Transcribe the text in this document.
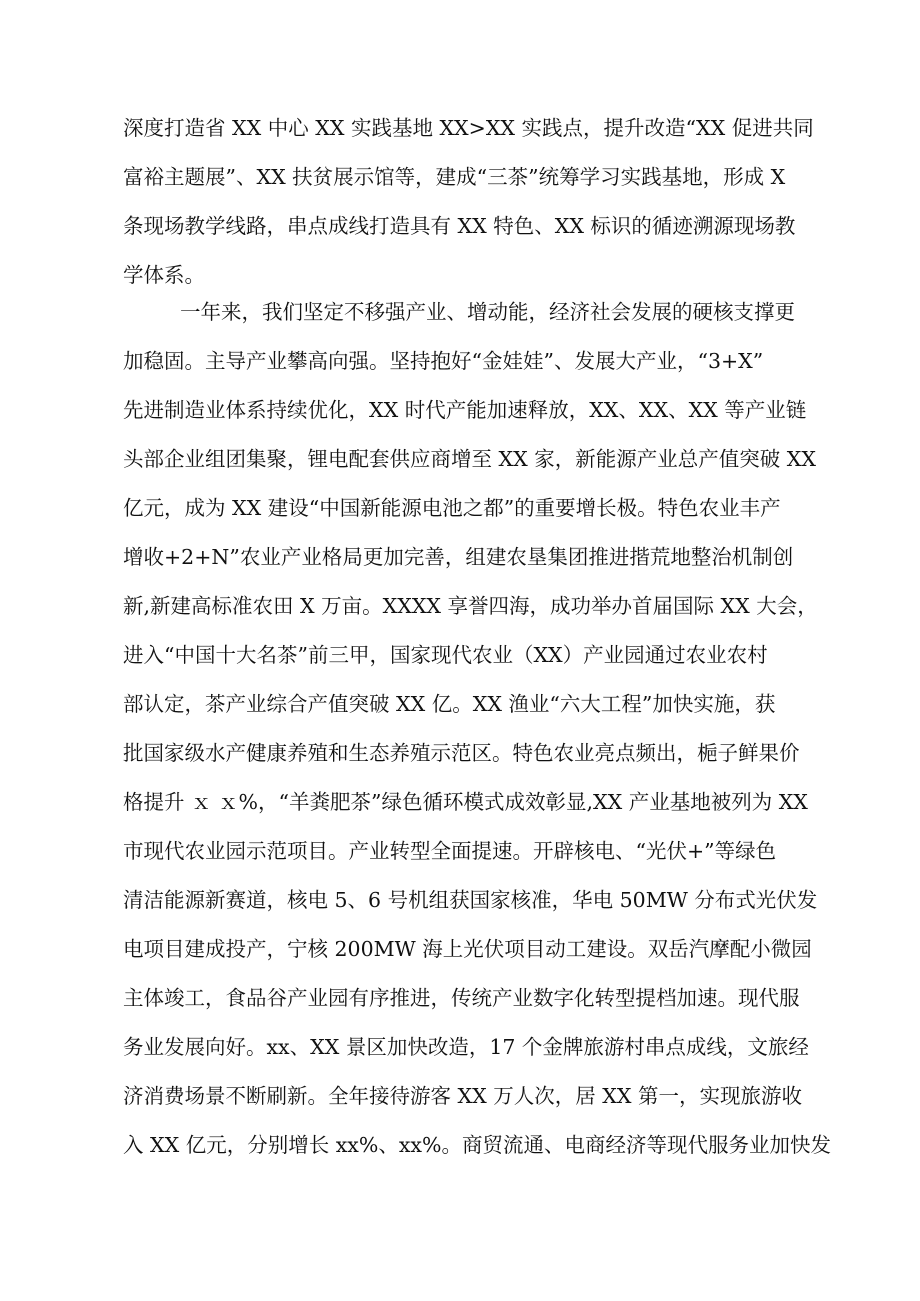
深度打造省 XX 中心 XX 实践基地 XX>XX 实践点，提升改造“XX 促进共同
富裕主题展”、XX 扶贫展示馆等，建成“三茶”统筹学习实践基地，形成 X
条现场教学线路，串点成线打造具有 XX 特色、XX 标识的循迹溯源现场教
学体系。
一年来，我们坚定不移强产业、增动能，经济社会发展的硬核支撑更
加稳固。主导产业攀高向强。坚持抱好“金娃娃”、发展大产业，“3+X”
先进制造业体系持续优化，XX 时代产能加速释放，XX、XX、XX 等产业链
头部企业组团集聚，锂电配套供应商增至 XX 家，新能源产业总产值突破 XX
亿元，成为 XX 建设“中国新能源电池之都”的重要增长极。特色农业丰产
增收+2+N”农业产业格局更加完善，组建农垦集团推进揩荒地整治机制创
新,新建高标准农田 X 万亩。XXXX 享誉四海，成功举办首届国际 XX 大会，
进入“中国十大名茶”前三甲，国家现代农业（XX）产业园通过农业农村
部认定，茶产业综合产值突破 XX 亿。XX 渔业“六大工程”加快实施，获
批国家级水产健康养殖和生态养殖示范区。特色农业亮点频出，梔子鲜果价
格提升 ｘ ｘ%，“羊粪肥茶”绿色循环模式成效彰显,XX 产业基地被列为 XX
市现代农业园示范项目。产业转型全面提速。开辟核电、“光伏+”等绿色
清洁能源新赛道，核电 5、6 号机组获国家核准，华电 50MW 分布式光伏发
电项目建成投产，宁核 200MW 海上光伏项目动工建设。双岳汽摩配小微园
主体竣工，食品谷产业园有序推进，传统产业数字化转型提档加速。现代服
务业发展向好。xx、XX 景区加快改造，17 个金牌旅游村串点成线，文旅经
济消费场景不断刷新。全年接待游客 XX 万人次，居 XX 第一，实现旅游收
入 XX 亿元，分别增长 xx%、xx%。商贸流通、电商经济等现代服务业加快发
